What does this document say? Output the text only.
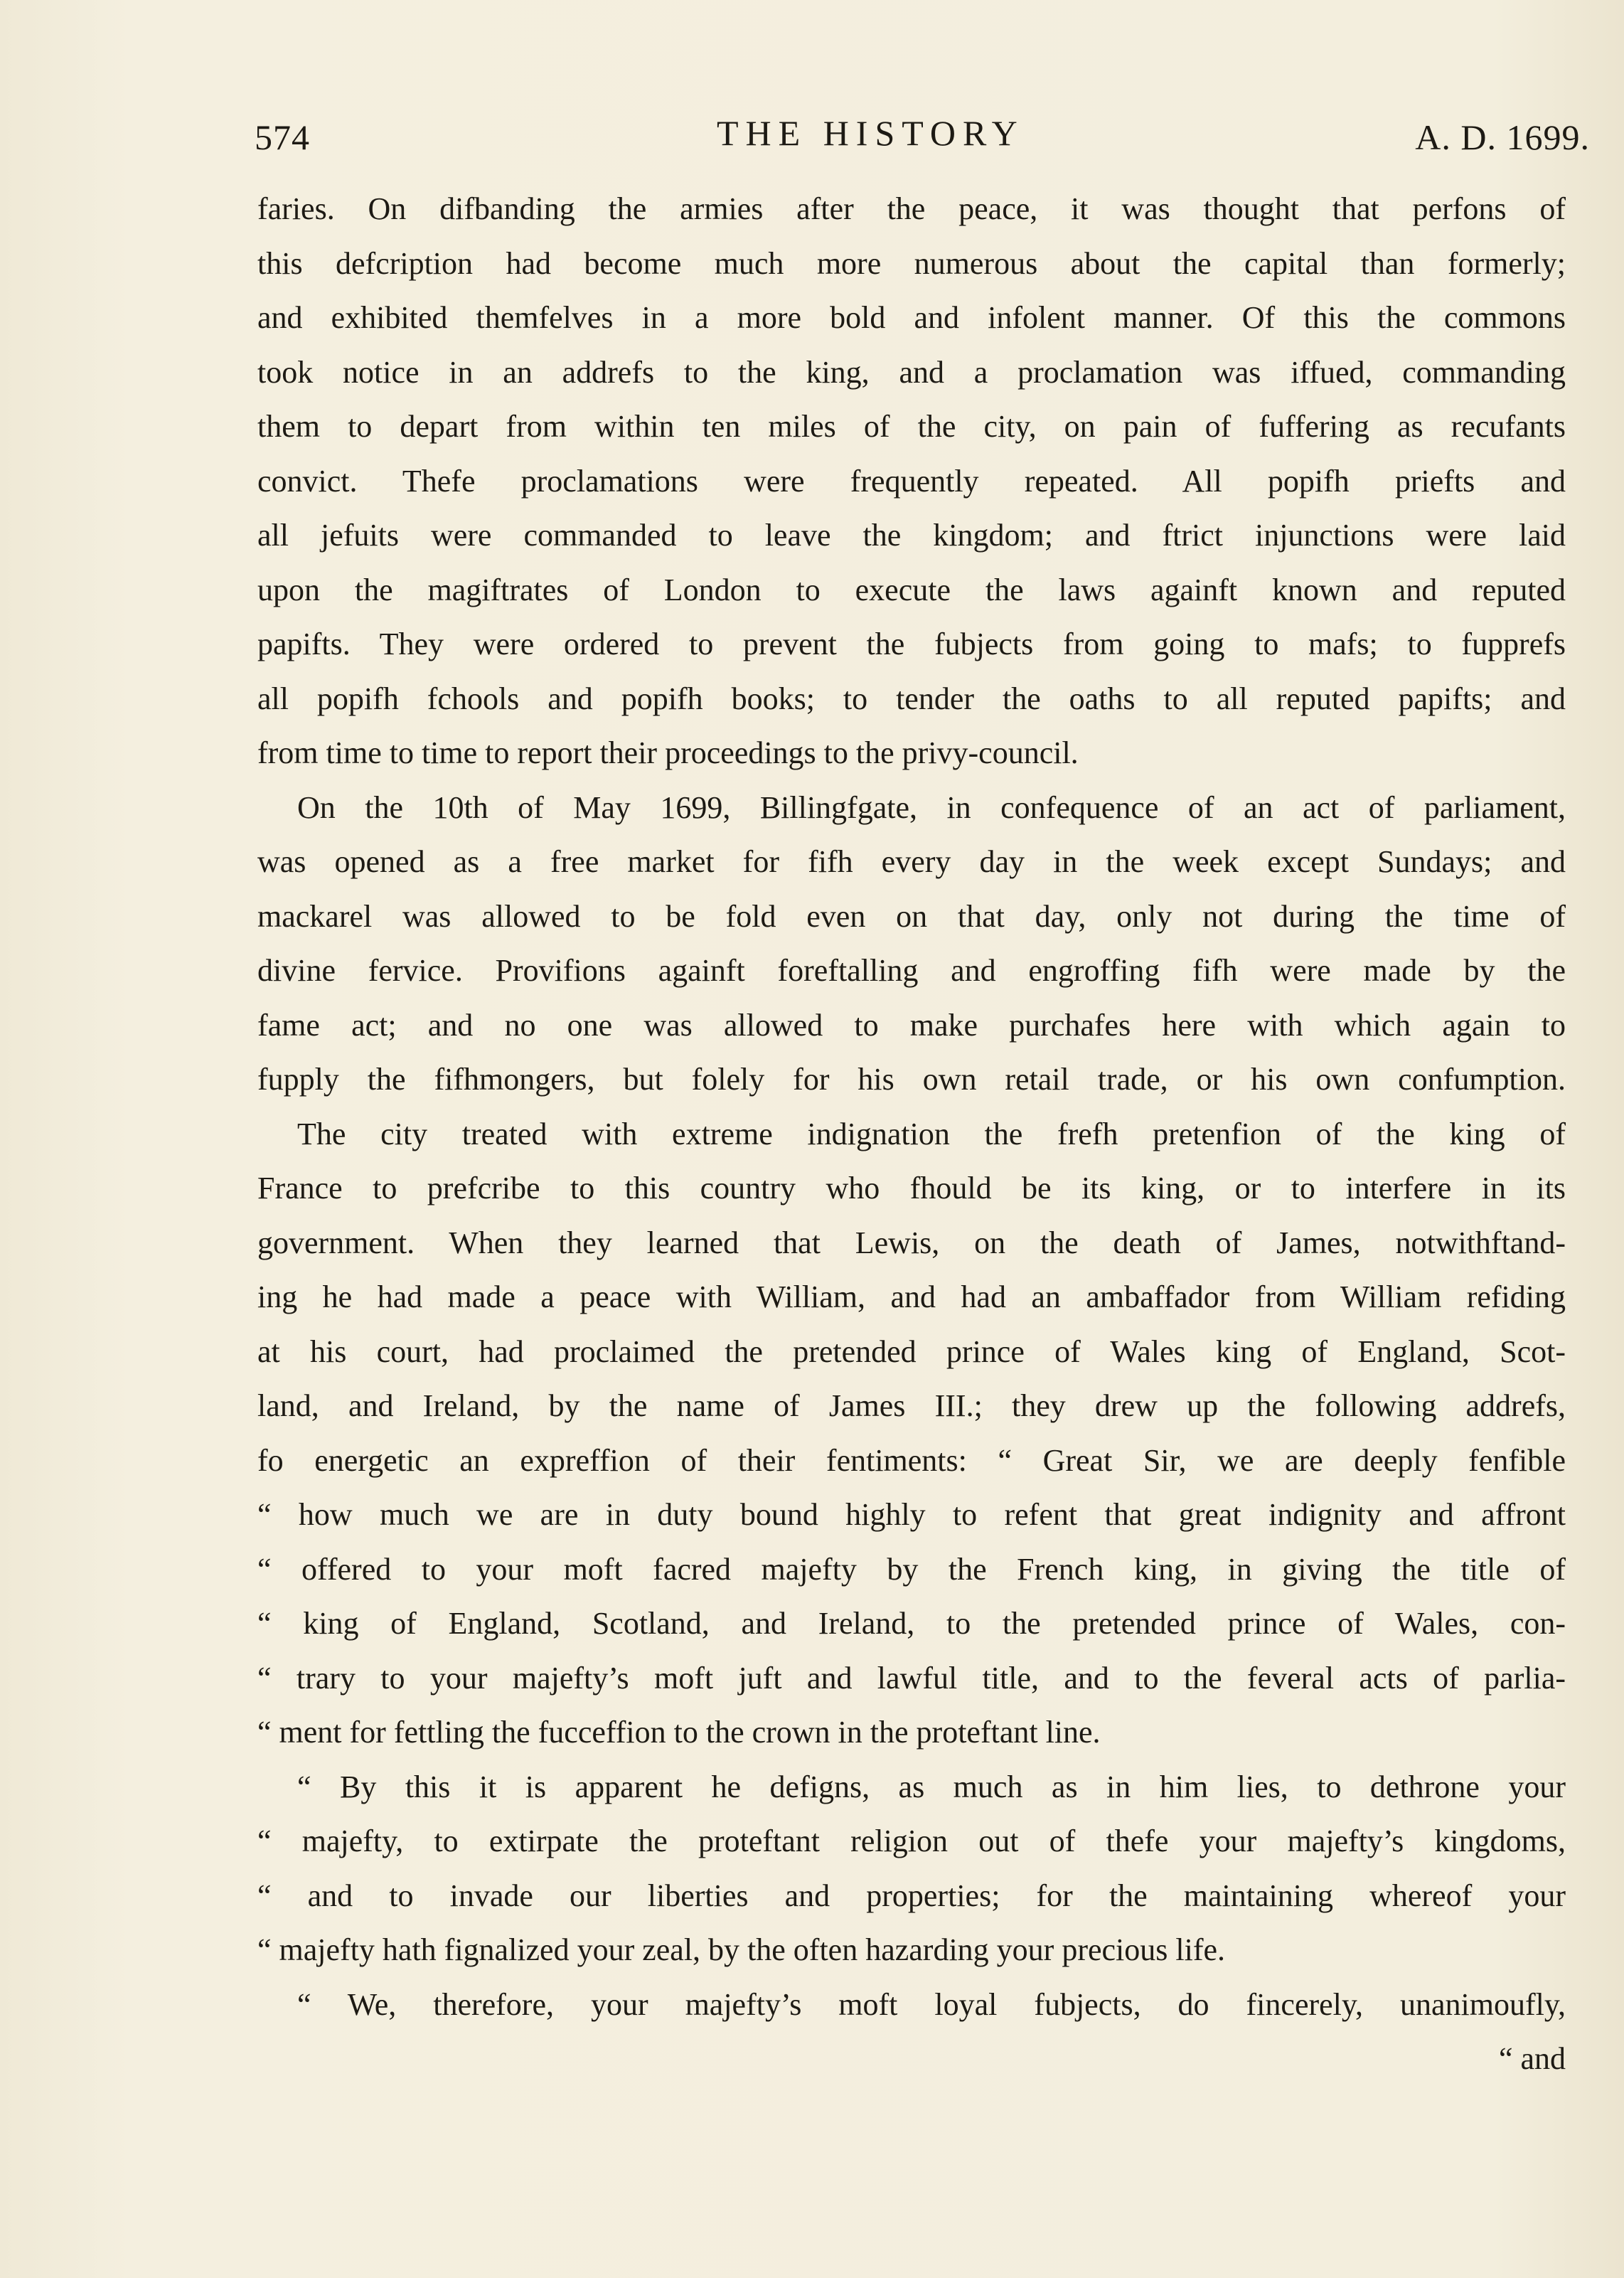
574	THE HISTORY	A. D. 1699.
faries. On difbanding the armies after the peace, it was thought that perfons of
this defcription had become much more numerous about the capital than formerly;
and exhibited themfelves in a more bold and infolent manner. Of this the commons
took notice in an addrefs to the king, and a proclamation was iffued, commanding
them to depart from within ten miles of the city, on pain of fuffering as recufants
convict. Thefe proclamations were frequently repeated. All popifh priefts and
all jefuits were commanded to leave the kingdom; and ftrict injunctions were laid
upon the magiftrates of London to execute the laws againft known and reputed
papifts. They were ordered to prevent the fubjects from going to mafs; to fupprefs
all popifh fchools and popifh books; to tender the oaths to all reputed papifts; and
from time to time to report their proceedings to the privy-council.
On the 10th of May 1699, Billingfgate, in confequence of an act of parliament,
was opened as a free market for fifh every day in the week except Sundays; and
mackarel was allowed to be fold even on that day, only not during the time of
divine fervice. Provifions againft foreftalling and engroffing fifh were made by the
fame act; and no one was allowed to make purchafes here with which again to
fupply the fifhmongers, but folely for his own retail trade, or his own confumption.
The city treated with extreme indignation the frefh pretenfion of the king of
France to prefcribe to this country who fhould be its king, or to interfere in its
government. When they learned that Lewis, on the death of James, notwithftand-
ing he had made a peace with William, and had an ambaffador from William refiding
at his court, had proclaimed the pretended prince of Wales king of England, Scot-
land, and Ireland, by the name of James III.; they drew up the following addrefs,
fo energetic an expreffion of their fentiments: “ Great Sir, we are deeply fenfible
“ how much we are in duty bound highly to refent that great indignity and affront
“ offered to your moft facred majefty by the French king, in giving the title of
“ king of England, Scotland, and Ireland, to the pretended prince of Wales, con-
“ trary to your majefty’s moft juft and lawful title, and to the feveral acts of parlia-
“ ment for fettling the fucceffion to the crown in the proteftant line.
“ By this it is apparent he defigns, as much as in him lies, to dethrone your
“ majefty, to extirpate the proteftant religion out of thefe your majefty’s kingdoms,
“ and to invade our liberties and properties; for the maintaining whereof your
“ majefty hath fignalized your zeal, by the often hazarding your precious life.
“ We, therefore, your majefty’s moft loyal fubjects, do fincerely, unanimoufly,
“ and
